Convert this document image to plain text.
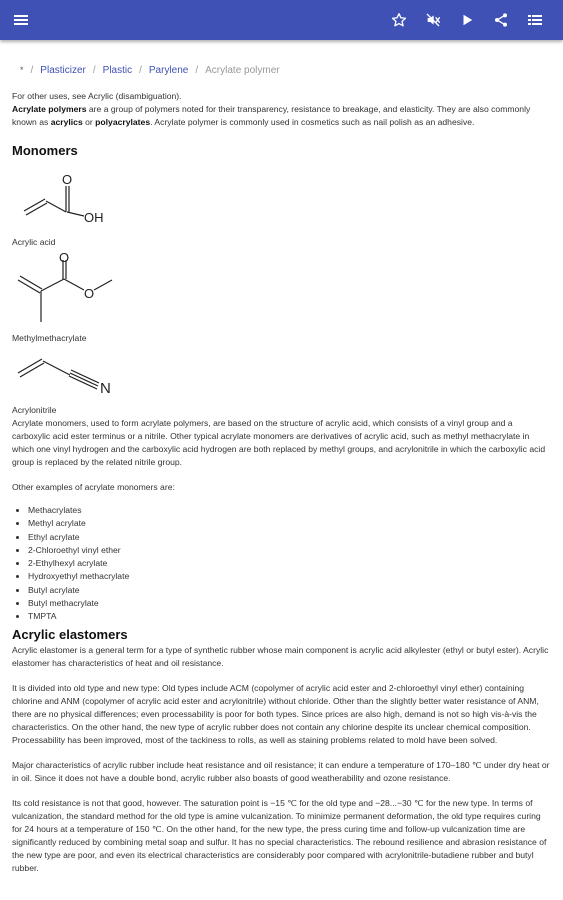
* / Plasticizer / Plastic / Parylene / Acrylate polymer

For other uses, see Acrylic (disambiguation).

Acrylate polymers are a group of polymers noted for their transparency, resistance to breakage, and elasticity. They are also commonly known as acrylics or polyacrylates. Acrylate polymer is commonly used in cosmetics such as nail polish as an adhesive.

Monomers
O
OH
Acrylic acid
O
O
Methylmethacrylate
N
Acrylonitrile

Acrylate monomers, used to form acrylate polymers, are based on the structure of acrylic acid, which consists of a vinyl group and a carboxylic acid ester terminus or a nitrile. Other typical acrylate monomers are derivatives of acrylic acid, such as methyl methacrylate in which one vinyl hydrogen and the carboxylic acid hydrogen are both replaced by methyl groups, and acrylonitrile in which the carboxylic acid group is replaced by the related nitrile group.

Other examples of acrylate monomers are:

• Methacrylates
• Methyl acrylate
• Ethyl acrylate
• 2-Chloroethyl vinyl ether
• 2-Ethylhexyl acrylate
• Hydroxyethyl methacrylate
• Butyl acrylate
• Butyl methacrylate
• TMPTA
Acrylic elastomers

Acrylic elastomer is a general term for a type of synthetic rubber whose main component is acrylic acid alkylester (ethyl or butyl ester). Acrylic elastomer has characteristics of heat and oil resistance.

It is divided into old type and new type: Old types include ACM (copolymer of acrylic acid ester and 2-chloroethyl vinyl ether) containing chlorine and ANM (copolymer of acrylic acid ester and acrylonitrile) without chloride. Other than the slightly better water resistance of ANM, there are no physical differences; even processability is poor for both types. Since prices are also high, demand is not so high vis-à-vis the characteristics. On the other hand, the new type of acrylic rubber does not contain any chlorine despite its unclear chemical composition. Processability has been improved, most of the tackiness to rolls, as well as staining problems related to mold have been solved.

Major characteristics of acrylic rubber include heat resistance and oil resistance; it can endure a temperature of 170–180 ℃ under dry heat or in oil. Since it does not have a double bond, acrylic rubber also boasts of good weatherability and ozone resistance.

Its cold resistance is not that good, however. The saturation point is −15 ℃ for the old type and −28...−30 ℃ for the new type. In terms of vulcanization, the standard method for the old type is amine vulcanization. To minimize permanent deformation, the old type requires curing for 24 hours at a temperature of 150 ℃. On the other hand, for the new type, the press curing time and follow-up vulcanization time are significantly reduced by combining metal soap and sulfur. It has no special characteristics. The rebound resilience and abrasion resistance of the new type are poor, and even its electrical characteristics are considerably poor compared with acrylonitrile-butadiene rubber and butyl rubber.
